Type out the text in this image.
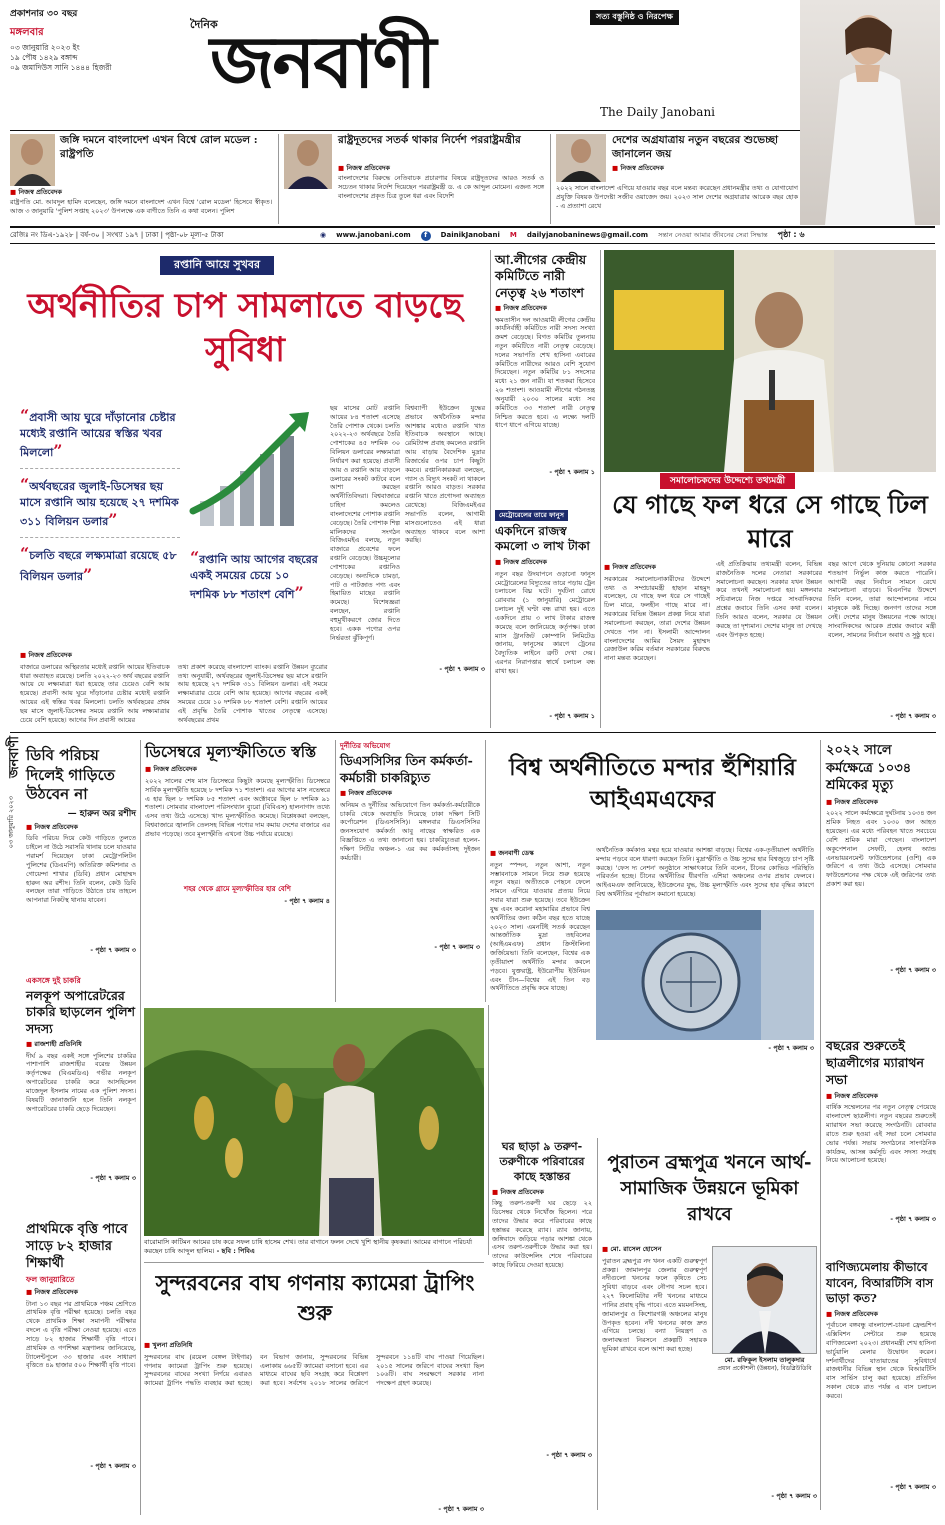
প্রকাশনার ৩০ বছর
মঙ্গলবার
০৩ জানুয়ারি ২০২৩ ইং
১৯ পৌষ ১৪২৯ বঙ্গাব্দ
০৯ জমাদিউস সানি ১৪৪৪ হিজরী
দৈনিক
জনবাণী
সত্য বস্তুনিষ্ঠ ও নিরপেক্ষ
The Daily Janobani
জঙ্গি দমনে বাংলাদেশ এখন বিশ্বে রোল মডেল : রাষ্ট্রপতি
■ নিজস্ব প্রতিবেদক
রাষ্ট্রপতি মো. আবদুল হামিদ বলেছেন, জঙ্গি দমনে বাংলাদেশ এখন বিশ্বে 'রোল মডেল' হিসেবে স্বীকৃত। আজ ৩ জানুয়ারি 'পুলিশ সপ্তাহ ২০২৩' উপলক্ষে এক বাণীতে তিনি এ কথা বলেন। পুলিশ
রাষ্ট্রদূতদের সতর্ক থাকার নির্দেশ পররাষ্ট্রমন্ত্রীর
■ নিজস্ব প্রতিবেদক
বাংলাদেশের বিরুদ্ধে নেতিবাচক প্রচারণার বিষয়ে রাষ্ট্রদূতদের আরও সতর্ক ও সচেতন থাকার নির্দেশ দিয়েছেন পররাষ্ট্রমন্ত্রী ড. এ কে আব্দুল মোমেন। এজন্য সঙ্গে বাংলাদেশের প্রকৃত চিত্র তুলে ধরা এবং বিদেশি
দেশের অগ্রযাত্রায় নতুন বছরের শুভেচ্ছা জানালেন জয়
■ নিজস্ব প্রতিবেদক
২০২২ সালে বাংলাদেশ এগিয়ে যাওয়ার বছর বলে মন্তব্য করেছেন প্রধানমন্ত্রীর তথ্য ও যোগাযোগ প্রযুক্তি বিষয়ক উপদেষ্টা সজীব ওয়াজেদ জয়। ২০২৩ সাল দেশের অগ্রযাত্রার আরেক বছর হোক - এ প্রত্যাশা রেখে
রেজিঃ নং ডিএ-১৯২৮ | বর্ষ-৩০ | সংখ্যা ১৯৭ | ঢাকা | পৃষ্ঠা-০৮ মূল্য-৫ টাকা	◉ www.janobani.com	f	DainikJanobani M dailyjanobaninews@gmail.com সন্তান নেওয়া আমার জীবনের সেরা সিদ্ধান্ত পৃষ্ঠা : ৬
রপ্তানি আয়ে সুখবর
অর্থনীতির চাপ সামলাতে বাড়ছে সুবিধা
“প্রবাসী আয় ঘুরে দাঁড়ানোর চেষ্টার মধ্যেই রপ্তানি আয়ের স্বস্তির খবর মিললো”
“অর্থবছরের জুলাই-ডিসেম্বর ছয় মাসে রপ্তানি আয় হয়েছে ২৭ দশমিক ৩১১ বিলিয়ন ডলার”
“চলতি বছরে লক্ষ্যমাত্রা রয়েছে ৫৮ বিলিয়ন ডলার”
“রপ্তানি আয় আগের বছরের একই সময়ের চেয়ে ১০ দশমিক ৮৮ শতাংশ বেশি”
ছয় মাসের মোট রপ্তানি আয়ের ৮৪ শতাংশ এসেছে তৈরি পোশাক থেকে। চলতি ২০২২-২৩ অর্থবছরে তৈরি পোশাকের ৪৫ দশমিক ৩০ বিলিয়ন ডলারের লক্ষ্যমাত্রা নির্ধারণ করা হয়েছে। প্রবাসী আয় ও রপ্তানি আয় বাড়লে ডলারের সংকট কাটবে বলে আশা করছেন অর্থনীতিবিদরা। বিশ্ববাজারে চাহিদা কমলেও বাংলাদেশের পোশাক রপ্তানি বেড়েছে। তৈরি পোশাক শিল্প মালিকদের সংগঠন বিজিএমইএ বলছে, নতুন বাজারে প্রবেশের ফলে রপ্তানি বেড়েছে। উচ্চমূল্যের পোশাকের রপ্তানিও বেড়েছে। অন্যদিকে চামড়া, পাট ও পাটজাত পণ্য এবং হিমায়িত মাছের রপ্তানি কমেছে। বিশেষজ্ঞরা বলছেন, রপ্তানি বহুমুখীকরণে জোর দিতে হবে। একক পণ্যের ওপর নির্ভরতা ঝুঁকিপূর্ণ।
বিশ্বব্যাপী ইউক্রেন যুদ্ধের প্রভাবে অর্থনৈতিক মন্দার আশঙ্কার মধ্যেও রপ্তানি খাত ইতিবাচক অবস্থানে আছে। রেমিট্যান্স প্রবাহ কমলেও রপ্তানি আয় বাড়ায় বৈদেশিক মুদ্রার রিজার্ভের ওপর চাপ কিছুটা কমবে। রপ্তানিকারকরা বলছেন, গ্যাস ও বিদ্যুৎ সংকট না থাকলে রপ্তানি আরও বাড়ত। সরকার রপ্তানি খাতে প্রণোদনা অব্যাহত রেখেছে। বিজিএমইএর সভাপতি বলেন, আগামী মাসগুলোতেও এই ধারা অব্যাহত থাকবে বলে আশা করছি।
■ নিজস্ব প্রতিবেদক
বাজারে ডলারের অস্থিরতার মধ্যেই রপ্তানি আয়ের ইতিবাচক ধারা অব্যাহত রয়েছে। চলতি ২০২২-২৩ অর্থ বছরের রপ্তানি আয়ে যে লক্ষ্যমাত্রা ধরা হয়েছে তার চেয়েও বেশি আয় হয়েছে। প্রবাসী আয় ঘুরে দাঁড়ানোর চেষ্টার মধ্যেই রপ্তানি আয়ের এই স্বস্তির খবর মিললো। চলতি অর্থবছরের প্রথম ছয় মাসে জুলাই-ডিসেম্বর সময়ে রপ্তানি আয় লক্ষ্যমাত্রার চেয়ে বেশি হয়েছে। আগের দিন প্রবাসী আয়ের
তথ্য প্রকাশ করেছে বাংলাদেশ ব্যাংক। রপ্তানি উন্নয়ন ব্যুরোর তথ্য অনুযায়ী, অর্থবছরের জুলাই-ডিসেম্বর ছয় মাসে রপ্তানি আয় হয়েছে ২৭ দশমিক ৩১১ বিলিয়ন ডলার। এই সময়ে লক্ষ্যমাত্রার চেয়ে বেশি আয় হয়েছে। আগের বছরের একই সময়ের চেয়ে ১০ দশমিক ৮৮ শতাংশ বেশি। রপ্তানি আয়ের এই প্রবৃদ্ধি তৈরি পোশাক খাতের নেতৃত্বে এসেছে। অর্থবছরের প্রথম
- পৃষ্ঠা ৭ কলাম ৩
আ.লীগের কেন্দ্রীয় কমিটিতে নারী নেতৃত্ব ২৬ শতাংশ
■ নিজস্ব প্রতিবেদক
ক্ষমতাসীন দল আওয়ামী লীগের কেন্দ্রীয় কার্যনির্বাহী কমিটিতে নারী সদস্য সংখ্যা ক্রমশ বেড়েছে। বিগত কমিটির তুলনায় নতুন কমিটিতে নারী নেতৃত্ব বেড়েছে। দলের সভাপতি শেখ হাসিনা এবারের কমিটিতে নারীদের আরও বেশি সুযোগ দিয়েছেন। নতুন কমিটির ৮১ সদস্যের মধ্যে ২১ জন নারী। যা শতকরা হিসেবে ২৬ শতাংশ। আওয়ামী লীগের গঠনতন্ত্র অনুযায়ী ২০৩০ সালের মধ্যে সব কমিটিতে ৩৩ শতাংশ নারী নেতৃত্ব নিশ্চিত করতে হবে। এ লক্ষ্যে দলটি ধাপে ধাপে এগিয়ে যাচ্ছে।
- পৃষ্ঠা ৭ কলাম ১
মেট্রোরেলের তারে ফানুস
একদিনে রাজস্ব কমলো ৩ লাখ টাকা
■ নিজস্ব প্রতিবেদক
নতুন বছর উদযাপনে ওড়ানো ফানুস মেট্রোরেলের বিদ্যুতের তারে পড়ায় ট্রেন চলাচলে বিঘ্ন ঘটে। দুর্ঘটনা রোধে রোববার (১ জানুয়ারি) মেট্রোরেল চলাচল দুই ঘণ্টা বন্ধ রাখা হয়। এতে একদিনে প্রায় ৩ লাখ টাকার রাজস্ব কমেছে বলে জানিয়েছে কর্তৃপক্ষ। ঢাকা ম্যাস ট্রানজিট কোম্পানি লিমিটেড জানায়, ফানুসের কারণে ট্রেনের বৈদ্যুতিক লাইনে ত্রুটি দেখা দেয়। এরপর নিরাপত্তার স্বার্থে চলাচল বন্ধ রাখা হয়।
- পৃষ্ঠা ৭ কলাম ১
সমালোচকদের উদ্দেশ্যে তথ্যমন্ত্রী
যে গাছে ফল ধরে সে গাছে ঢিল মারে
■ নিজস্ব প্রতিবেদক
সরকারের সমালোচনাকারীদের উদ্দেশে তথ্য ও সম্প্রচারমন্ত্রী হাছান মাহমুদ বলেছেন, যে গাছে ফল ধরে সে গাছেই ঢিল মারে, ফলহীন গাছে মারে না। সরকারের বিভিন্ন উন্নয়ন প্রকল্প নিয়ে যারা সমালোচনা করছেন, তারা দেশের উন্নয়ন দেখতে পান না। ইসলামী আন্দোলন বাংলাদেশের আমির সৈয়দ মুহাম্মদ রেজাউল করিম বর্তমান সরকারের বিরুদ্ধে নানা মন্তব্য করেছেন।
এই প্রতিক্রিয়ায় তথ্যমন্ত্রী বলেন, বিভিন্ন রাজনৈতিক দলের নেতারা সরকারের সমালোচনা করছেন। সরকার যখন উন্নয়ন করে তখনই সমালোচনা হয়। মঙ্গলবার সচিবালয়ে নিজ দপ্তরে সাংবাদিকদের প্রশ্নের জবাবে তিনি এসব কথা বলেন। তিনি আরও বলেন, সরকার যে উন্নয়ন করছে তা দৃশ্যমান। দেশের মানুষ তা দেখছে এবং উপকৃত হচ্ছে।
বছর আগে থেকে দুনিয়ায় কোনো সরকার শতভাগ নির্ভুল কাজ করতে পারেনি। আগামী বছর নির্বাচন সামনে রেখে সমালোচনা বাড়বে। বিএনপির উদ্দেশে তিনি বলেন, তারা আন্দোলনের নামে মানুষকে কষ্ট দিচ্ছে। জনগণ তাদের সঙ্গে নেই। দেশের মানুষ উন্নয়নের পক্ষে আছে। সাংবাদিকদের আরেক প্রশ্নের জবাবে মন্ত্রী বলেন, সামনের নির্বাচন অবাধ ও সুষ্ঠু হবে।
- পৃষ্ঠা ৭ কলাম ৩
জনবাণী
০৩ জানুয়ারি ২০২৩
ডিবি পরিচয় দিলেই গাড়িতে উঠবেন না
— হারুন অর রশীদ
■ নিজস্ব প্রতিবেদক
ডিবি পরিচয় দিয়ে কেউ গাড়িতে তুলতে চাইলে না উঠে সরাসরি থানায় চলে যাওয়ার পরামর্শ দিয়েছেন ঢাকা মেট্রোপলিটন পুলিশের (ডিএমপি) অতিরিক্ত কমিশনার ও গোয়েন্দা শাখার (ডিবি) প্রধান মোহাম্মদ হারুন অর রশীদ। তিনি বলেন, কেউ ডিবি বলছেন তারা গাড়িতে উঠাতে চায় তাহলে আপনারা নিকটস্থ থানায় যাবেন।
- পৃষ্ঠা ৭ কলাম ৩
একসঙ্গে দুই চাকরি
নলকূপ অপারেটরের চাকরি ছাড়লেন পুলিশ সদস্য
■ রাজশাহী প্রতিনিধি
দীর্ঘ ৯ বছর একই সঙ্গে পুলিশের চাকরির পাশাপাশি রাজশাহীর বরেন্দ্র উন্নয়ন কর্তৃপক্ষের (বিএমডিএ) গভীর নলকূপ অপারেটরের চাকরি করে আসছিলেন মাজেদুল ইসলাম নামের এক পুলিশ সদস্য। বিষয়টি জানাজানি হলে তিনি নলকূপ অপারেটরের চাকরি ছেড়ে দিয়েছেন।
- পৃষ্ঠা ৭ কলাম ৩
প্রাথমিকে বৃত্তি পাবে সাড়ে ৮২ হাজার শিক্ষার্থী
ফল জানুয়ারিতে
■ নিজস্ব প্রতিবেদক
টানা ১৩ বছর পর প্রাথমিকে পঞ্চম শ্রেণিতে প্রাথমিক বৃত্তি পরীক্ষা হয়েছে। চলতি বছর থেকে প্রাথমিক শিক্ষা সমাপনী পরীক্ষার বদলে এ বৃত্তি পরীক্ষা নেওয়া হয়েছে। এতে সাড়ে ৮২ হাজার শিক্ষার্থী বৃত্তি পাবে। প্রাথমিক ও গণশিক্ষা মন্ত্রণালয় জানিয়েছে, ট্যালেন্টপুলে ৩৩ হাজার এবং সাধারণ বৃত্তিতে ৪৯ হাজার ৫০০ শিক্ষার্থী বৃত্তি পাবে।
- পৃষ্ঠা ৭ কলাম ৩
ডিসেম্বরে মূল্যস্ফীতিতে স্বস্তি
■ নিজস্ব প্রতিবেদক
২০২২ সালের শেষ মাস ডিসেম্বরে কিছুটা কমেছে মূল্যস্ফীতি। ডিসেম্বরে সার্বিক মূল্যস্ফীতি হয়েছে ৮ দশমিক ৭১ শতাংশ। এর আগের মাস নভেম্বরে এ হার ছিল ৮ দশমিক ৮৫ শতাংশ এবং অক্টোবরে ছিল ৮ দশমিক ৯১ শতাংশ। সোমবার বাংলাদেশ পরিসংখ্যান ব্যুরো (বিবিএস) হালনাগাদ তথ্যে এসব তথ্য উঠে এসেছে। খাদ্য মূল্যস্ফীতিও কমেছে। বিশ্লেষকরা বলছেন, বিশ্ববাজারে জ্বালানি তেলসহ বিভিন্ন পণ্যের দাম কমায় দেশের বাজারে এর প্রভাব পড়েছে। তবে মূল্যস্ফীতি এখনো উচ্চ পর্যায়ে রয়েছে।
শহর থেকে গ্রামে মূল্যস্ফীতির হার বেশি
- পৃষ্ঠা ৭ কলাম ৪
দুর্নীতির অভিযোগ
ডিএসসিসির তিন কর্মকর্তা-কর্মচারী চাকরিচ্যুত
■ নিজস্ব প্রতিবেদক
অনিয়ম ও দুর্নীতির অভিযোগে তিন কর্মকর্তা-কর্মচারীকে চাকরি থেকে অব্যাহতি দিয়েছে ঢাকা দক্ষিণ সিটি কর্পোরেশন (ডিএসসিসি)। মঙ্গলবার ডিএসসিসির জনসংযোগ কর্মকর্তা আবু নাছের স্বাক্ষরিত এক বিজ্ঞপ্তিতে এ তথ্য জানানো হয়। চাকরিচ্যুতরা হলেন- দক্ষিণ সিটির অঞ্চল-১ এর কর কর্মকর্তাসহ দুইজন কর্মচারী।
- পৃষ্ঠা ৭ কলাম ৩
বিশ্ব অর্থনীতিতে মন্দার হুঁশিয়ারি আইএমএফের
■ জনবাণী ডেস্ক
নতুন স্পন্দন, নতুন আশা, নতুন সম্ভাবনাকে সামনে নিয়ে শুরু হয়েছে নতুন বছর। অতীতকে পেছনে ফেলে সামনে এগিয়ে যাওয়ার প্রত্যয় নিয়ে সবার যাত্রা শুরু হয়েছে। তবে ইউক্রেন যুদ্ধ এবং করোনা মহামারির প্রভাবে বিশ্ব অর্থনীতির জন্য কঠিন বছর হতে যাচ্ছে ২০২৩ সাল। এমনটিই সতর্ক করেছেন আন্তর্জাতিক মুদ্রা তহবিলের (আইএমএফ) প্রধান ক্রিস্টালিনা জর্জিয়েভা। তিনি বলেছেন, বিশ্বের এক তৃতীয়াংশ অর্থনীতি মন্দার কবলে পড়বে। যুক্তরাষ্ট্র, ইউরোপীয় ইউনিয়ন এবং চীন—বিশ্বের এই তিন বড় অর্থনীতিতে প্রবৃদ্ধি কমে যাচ্ছে।
অর্থনৈতিক কর্মকাণ্ড মন্থর হয়ে যাওয়ার আশঙ্কা বাড়ছে। বিশ্বের এক-তৃতীয়াংশ অর্থনীতি মন্দায় পড়বে বলে ধারণা করছেন তিনি। মুদ্রাস্ফীতি ও উচ্চ সুদের হার বিশ্বজুড়ে চাপ সৃষ্টি করছে। 'ফেস দ্য নেশন' অনুষ্ঠানে সাক্ষাৎকারে তিনি বলেন, চীনের কোভিড পরিস্থিতি পরিবর্তন হচ্ছে। চীনের অর্থনীতির ধীরগতি এশিয়া অঞ্চলের ওপর প্রভাব ফেলবে। আইএমএফ জানিয়েছে, ইউক্রেনের যুদ্ধ, উচ্চ মূল্যস্ফীতি এবং সুদের হার বৃদ্ধির কারণে বিশ্ব অর্থনীতির পূর্বাভাস কমানো হয়েছে।
- পৃষ্ঠা ৭ কলাম ৩
২০২২ সালে কর্মক্ষেত্রে ১০৩৪ শ্রমিকের মৃত্যু
■ নিজস্ব প্রতিবেদক
২০২২ সালে কর্মক্ষেত্রে দুর্ঘটনায় ১০৩৪ জন শ্রমিক নিহত এবং ১০৩০ জন আহত হয়েছেন। এর মধ্যে পরিবহন খাতে সবচেয়ে বেশি শ্রমিক মারা গেছেন। বাংলাদেশ অকুপেশনাল সেফটি, হেলথ অ্যান্ড এনভায়রনমেন্ট ফাউন্ডেশনের (ওশি) এক জরিপে এ তথ্য উঠে এসেছে। সোমবার ফাউন্ডেশনের পক্ষ থেকে এই জরিপের তথ্য প্রকাশ করা হয়।
- পৃষ্ঠা ৭ কলাম ৩
বছরের শুরুতেই ছাত্রলীগের ম্যারাথন সভা
■ নিজস্ব প্রতিবেদক
বার্ষিক সম্মেলনের পর নতুন নেতৃত্ব পেয়েছে বাংলাদেশ ছাত্রলীগ। নতুন বছরের শুরুতেই ম্যারাথন সভা করেছে সংগঠনটি। রোববার রাতে শুরু হওয়া এই সভা চলে সোমবার ভোর পর্যন্ত। সভায় সংগঠনের সাংগঠনিক কার্যক্রম, আসন্ন কর্মসূচি এবং সদস্য সংগ্রহ নিয়ে আলোচনা হয়েছে।
- পৃষ্ঠা ৭ কলাম ৩
বাণিজ্যমেলায় কীভাবে যাবেন, বিআরটিসি বাস ভাড়া কত?
■ নিজস্ব প্রতিবেদক
পূর্বাচলে বঙ্গবন্ধু বাংলাদেশ-চায়না ফ্রেন্ডশিপ এক্সিবিশন সেন্টারে শুরু হয়েছে বাণিজ্যমেলা ২০২৩। প্রধানমন্ত্রী শেখ হাসিনা ভার্চুয়ালি মেলার উদ্বোধন করেন। দর্শনার্থীদের যাতায়াতের সুবিধার্থে রাজধানীর বিভিন্ন স্থান থেকে বিআরটিসি বাস সার্ভিস চালু করা হয়েছে। প্রতিদিন সকাল থেকে রাত পর্যন্ত এ বাস চলাচল করবে।
- পৃষ্ঠা ৭ কলাম ৩
বারোমাসি কাটিমন আমের চাষ করে সফল চাষি হাসেম শেখ। তার বাগানে ফলন দেখে খুশি স্থানীয় কৃষকরা। আমের বাগানে পরিচর্যা করছেন চাষি আব্দুল হালিম। - ছবি : পিবিএ
ঘর ছাড়া ৯ তরুণ-তরুণীকে পরিবারের কাছে হস্তান্তর
■ নিজস্ব প্রতিবেদক
কিছু তরুণ-তরুণী ঘর ছেড়ে ২২ ডিসেম্বর থেকে নিখোঁজ ছিলেন। পরে তাদের উদ্ধার করে পরিবারের কাছে হস্তান্তর করেছে র‌্যাব। র‍্যাব জানায়, জঙ্গিবাদে জড়িয়ে পড়ার আশঙ্কা থেকে এসব তরুণ-তরুণীকে উদ্ধার করা হয়। তাদের কাউন্সেলিং শেষে পরিবারের কাছে ফিরিয়ে দেওয়া হয়েছে।
- পৃষ্ঠা ৭ কলাম ৩
পুরাতন ব্রহ্মপুত্র খননে আর্থ-সামাজিক উন্নয়নে ভূমিকা রাখবে
■ মো. রাসেল হোসেন
পুরাতন ব্রহ্মপুত্র নদ খনন একটি গুরুত্বপূর্ণ প্রকল্প। জামালপুর জেলার গুরুত্বপূর্ণ নদীগুলো খননের ফলে কৃষিতে সেচ সুবিধা বাড়বে এবং নৌপথ সচল হবে। ২২৭ কিলোমিটার নদী খননের মাধ্যমে পানির প্রবাহ বৃদ্ধি পাবে। এতে ময়মনসিংহ, জামালপুর ও কিশোরগঞ্জ অঞ্চলের মানুষ উপকৃত হবেন। নদী খননের কাজ দ্রুত এগিয়ে চলছে। বন্যা নিয়ন্ত্রণ ও জলাবদ্ধতা নিরসনে প্রকল্পটি সহায়ক ভূমিকা রাখবে বলে আশা করা হচ্ছে।
মো. রফিকুল ইসলাম তালুকদার
প্রধান প্রকৌশলী (উন্নয়ন), বিডব্লিউডিবি
- পৃষ্ঠা ৭ কলাম ৩
সুন্দরবনের বাঘ গণনায় ক্যামেরা ট্রাপিং শুরু
■ খুলনা প্রতিনিধি
সুন্দরবনের বাঘ (রয়েল বেঙ্গল টাইগার) গণনায় ক্যামেরা ট্রাপিং শুরু হয়েছে। সুন্দরবনের বাঘের সংখ্যা নির্ণয়ে এবারও ক্যামেরা ট্রাপিং পদ্ধতি ব্যবহার করা হচ্ছে। বন বিভাগ জানায়, সুন্দরবনের বিভিন্ন এলাকায় ৬৬৫টি ক্যামেরা বসানো হবে। এর মাধ্যমে বাঘের ছবি সংগ্রহ করে বিশ্লেষণ করা হবে। সর্বশেষ ২০১৮ সালের জরিপে সুন্দরবনে ১১৪টি বাঘ পাওয়া গিয়েছিল। ২০১৫ সালের জরিপে বাঘের সংখ্যা ছিল ১০৬টি। বাঘ সংরক্ষণে সরকার নানা পদক্ষেপ গ্রহণ করেছে।
- পৃষ্ঠা ৭ কলাম ৩
